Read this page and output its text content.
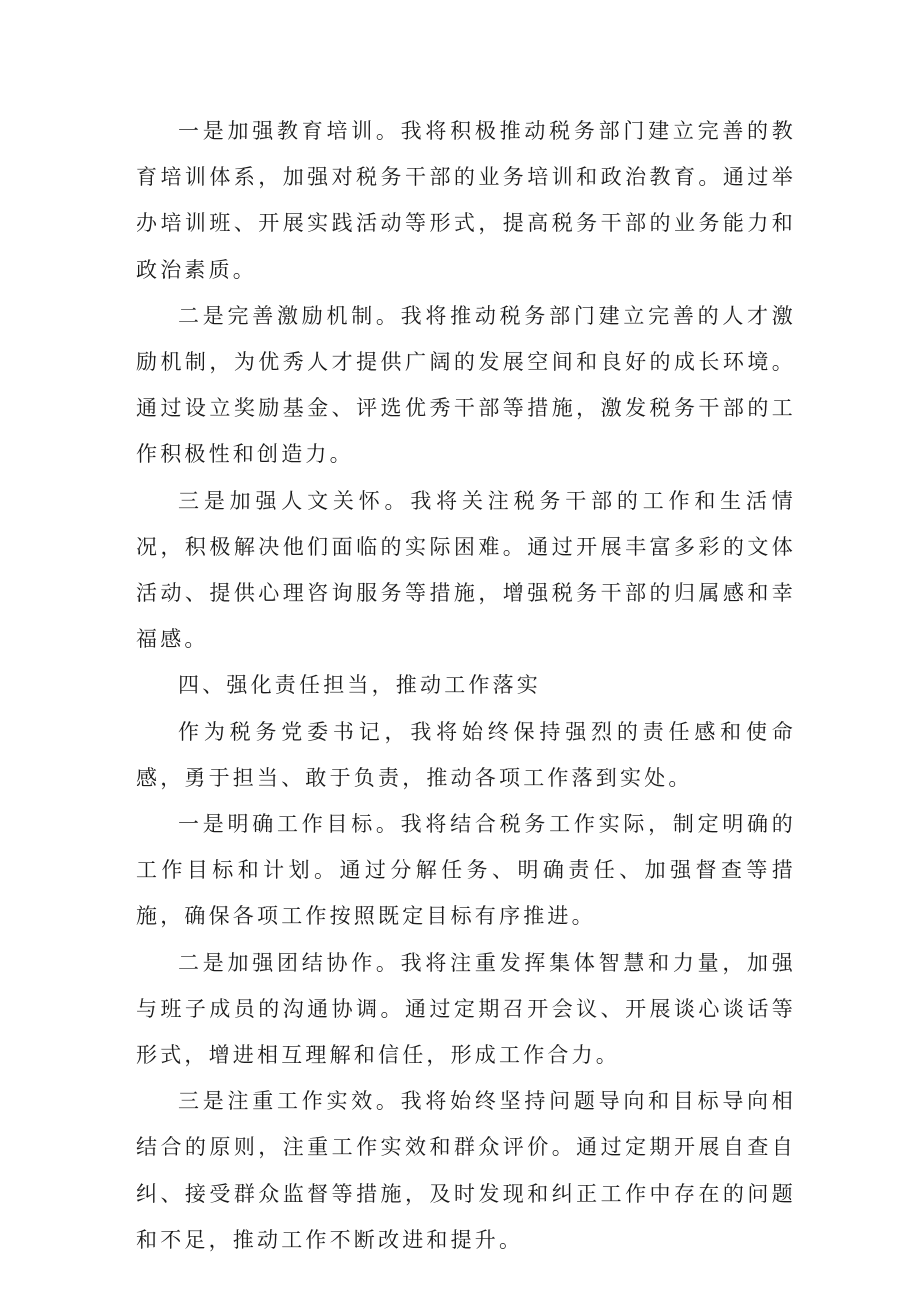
一是加强教育培训。我将积极推动税务部门建立完善的教育培训体系，加强对税务干部的业务培训和政治教育。通过举办培训班、开展实践活动等形式，提高税务干部的业务能力和政治素质。

二是完善激励机制。我将推动税务部门建立完善的人才激励机制，为优秀人才提供广阔的发展空间和良好的成长环境。通过设立奖励基金、评选优秀干部等措施，激发税务干部的工作积极性和创造力。

三是加强人文关怀。我将关注税务干部的工作和生活情况，积极解决他们面临的实际困难。通过开展丰富多彩的文体活动、提供心理咨询服务等措施，增强税务干部的归属感和幸福感。

四、强化责任担当，推动工作落实

作为税务党委书记，我将始终保持强烈的责任感和使命感，勇于担当、敢于负责，推动各项工作落到实处。

一是明确工作目标。我将结合税务工作实际，制定明确的工作目标和计划。通过分解任务、明确责任、加强督查等措施，确保各项工作按照既定目标有序推进。

二是加强团结协作。我将注重发挥集体智慧和力量，加强与班子成员的沟通协调。通过定期召开会议、开展谈心谈话等形式，增进相互理解和信任，形成工作合力。

三是注重工作实效。我将始终坚持问题导向和目标导向相结合的原则，注重工作实效和群众评价。通过定期开展自查自纠、接受群众监督等措施，及时发现和纠正工作中存在的问题和不足，推动工作不断改进和提升。
